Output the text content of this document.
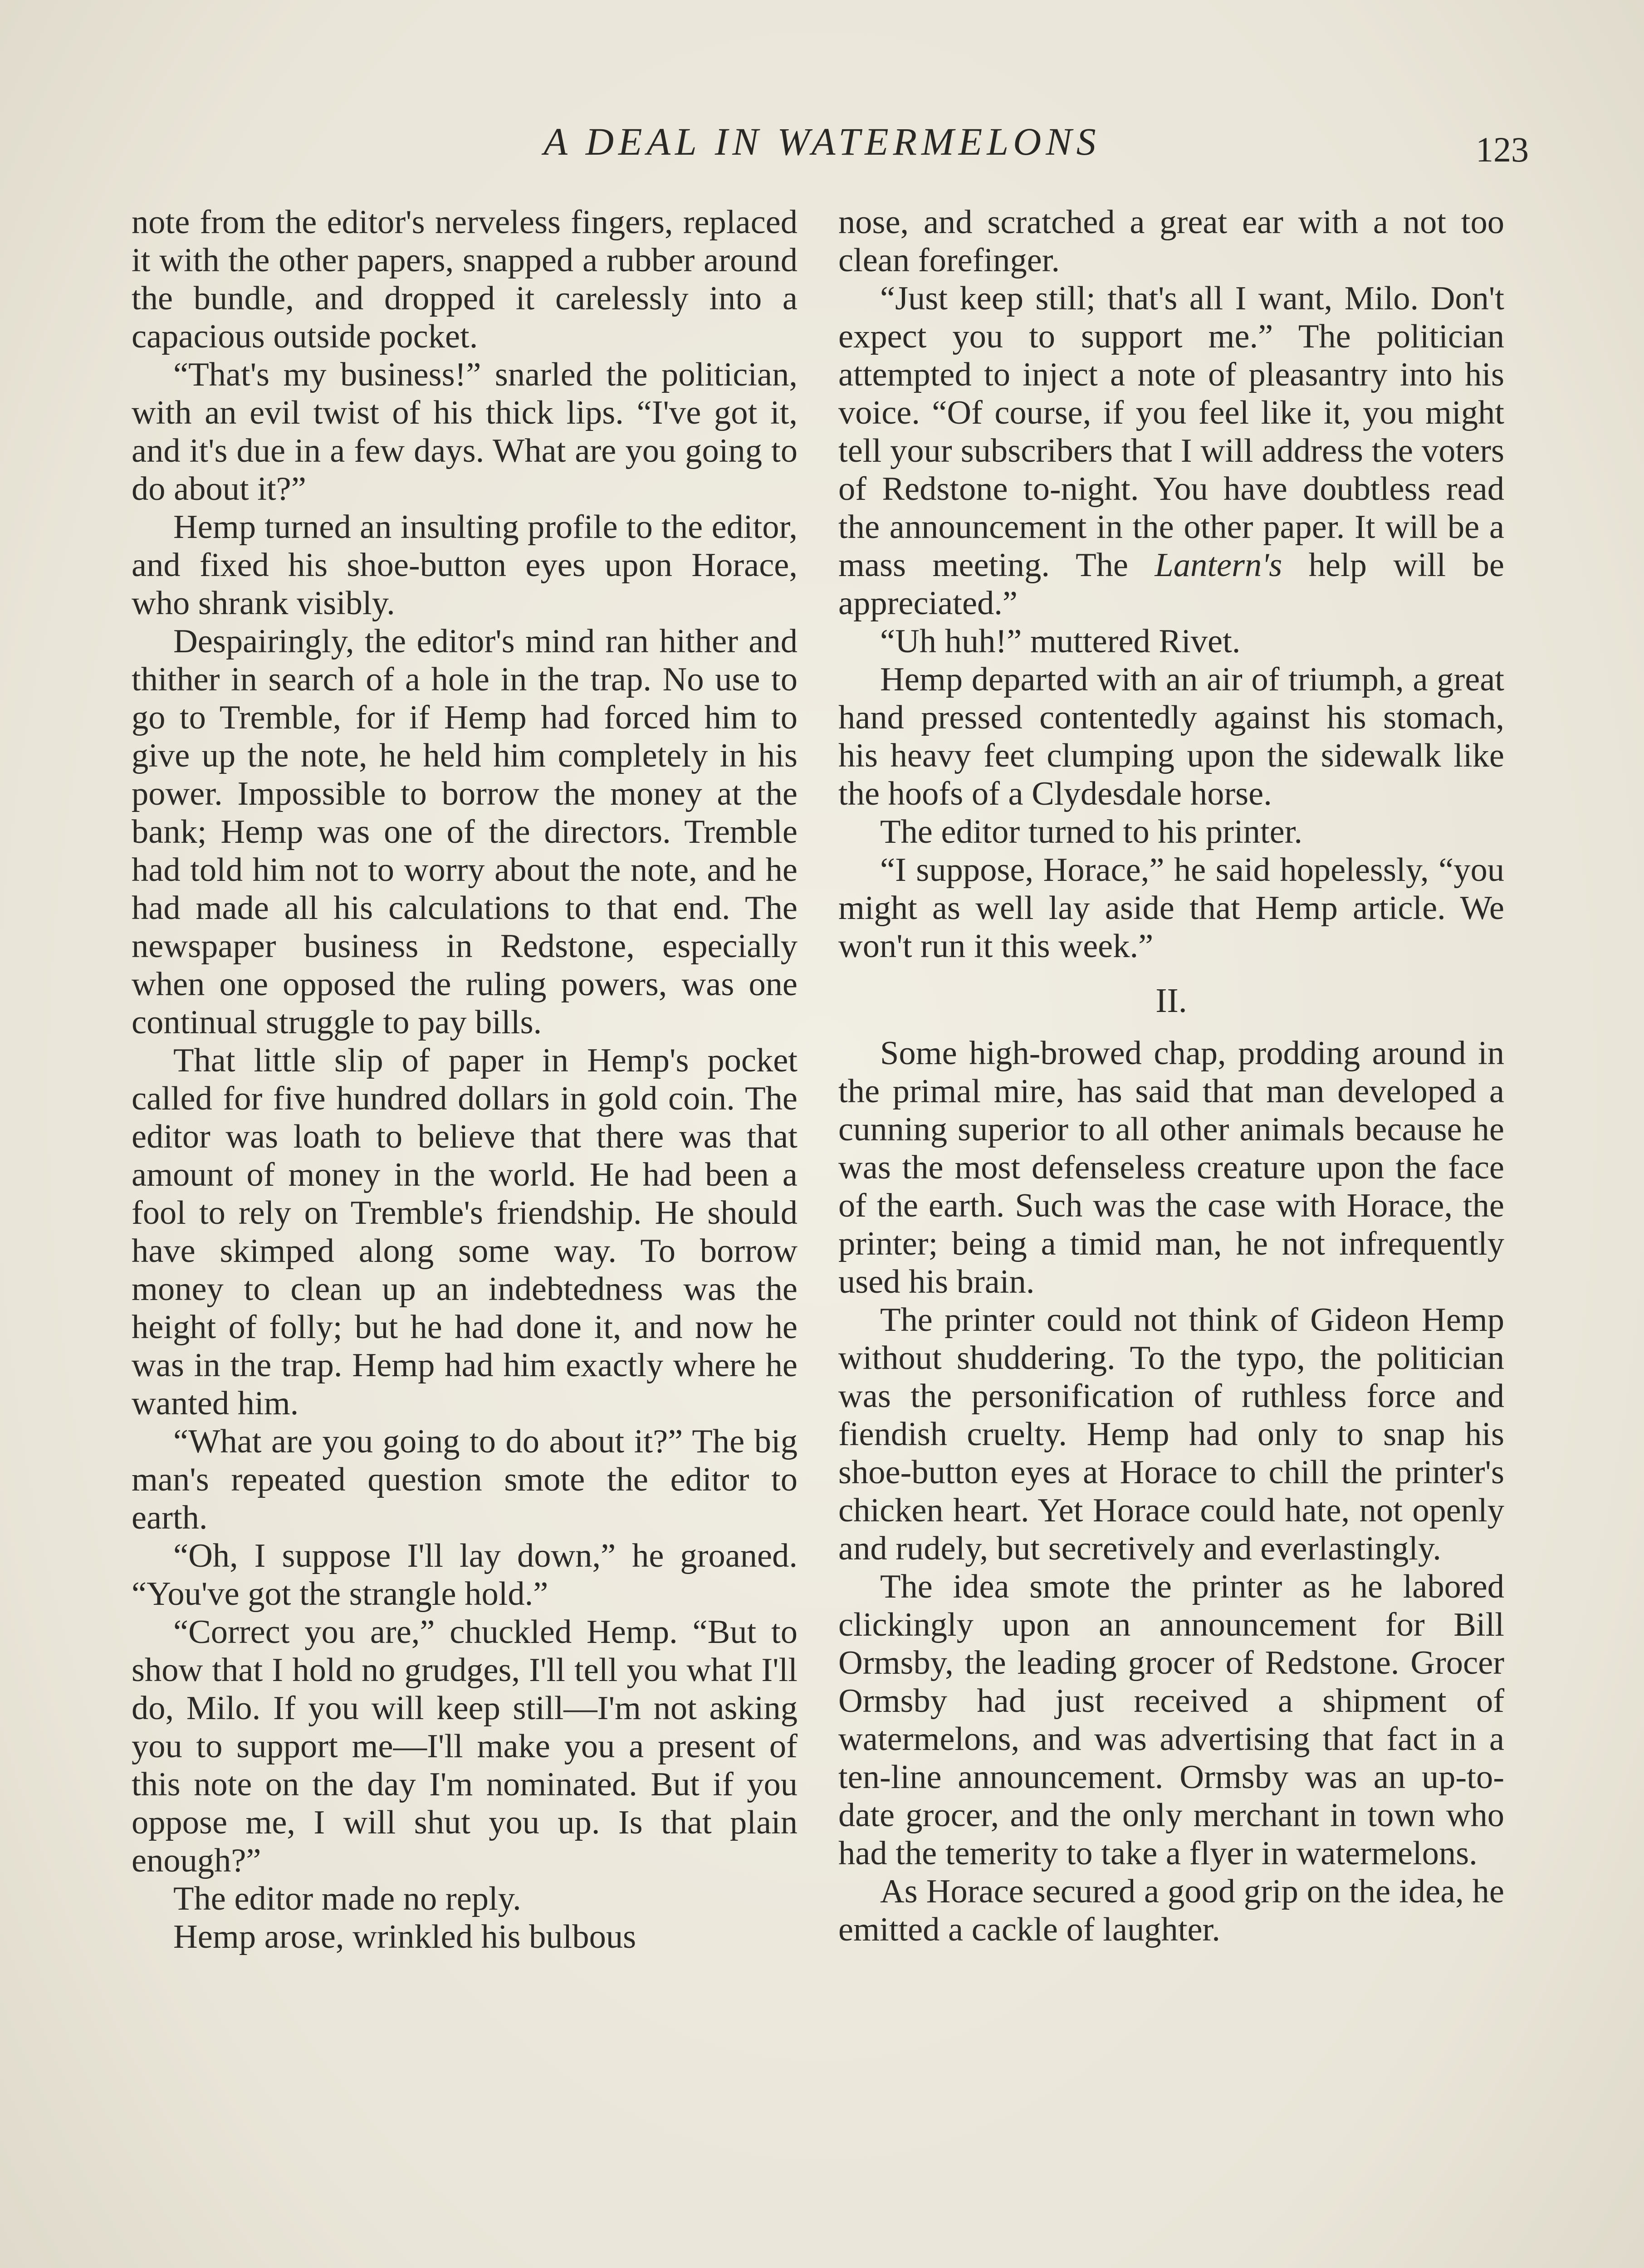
A DEAL IN WATERMELONS	123

note from the editor's nerveless fingers, replaced it with the other papers, snapped a rubber around the bundle, and dropped it carelessly into a capacious outside pocket.

“That's my business!” snarled the politician, with an evil twist of his thick lips. “I've got it, and it's due in a few days. What are you going to do about it?”

Hemp turned an insulting profile to the editor, and fixed his shoe-button eyes upon Horace, who shrank visibly.

Despairingly, the editor's mind ran hither and thither in search of a hole in the trap. No use to go to Tremble, for if Hemp had forced him to give up the note, he held him completely in his power. Impossible to borrow the money at the bank; Hemp was one of the directors. Tremble had told him not to worry about the note, and he had made all his calculations to that end. The newspaper business in Redstone, especially when one opposed the ruling powers, was one continual struggle to pay bills.

That little slip of paper in Hemp's pocket called for five hundred dollars in gold coin. The editor was loath to believe that there was that amount of money in the world. He had been a fool to rely on Tremble's friendship. He should have skimped along some way. To borrow money to clean up an indebtedness was the height of folly; but he had done it, and now he was in the trap. Hemp had him exactly where he wanted him.

“What are you going to do about it?” The big man's repeated question smote the editor to earth.

“Oh, I suppose I'll lay down,” he groaned. “You've got the strangle hold.”

“Correct you are,” chuckled Hemp. “But to show that I hold no grudges, I'll tell you what I'll do, Milo. If you will keep still—I'm not asking you to support me—I'll make you a present of this note on the day I'm nominated. But if you oppose me, I will shut you up. Is that plain enough?”

The editor made no reply.

Hemp arose, wrinkled his bulbous

nose, and scratched a great ear with a not too clean forefinger.

“Just keep still; that's all I want, Milo. Don't expect you to support me.” The politician attempted to inject a note of pleasantry into his voice. “Of course, if you feel like it, you might tell your subscribers that I will address the voters of Redstone to-night. You have doubtless read the announcement in the other paper. It will be a mass meeting. The Lantern's help will be appreciated.”

“Uh huh!” muttered Rivet.

Hemp departed with an air of triumph, a great hand pressed contentedly against his stomach, his heavy feet clumping upon the sidewalk like the hoofs of a Clydesdale horse.

The editor turned to his printer.

“I suppose, Horace,” he said hopelessly, “you might as well lay aside that Hemp article. We won't run it this week.”

II.

Some high-browed chap, prodding around in the primal mire, has said that man developed a cunning superior to all other animals because he was the most defenseless creature upon the face of the earth. Such was the case with Horace, the printer; being a timid man, he not infrequently used his brain.

The printer could not think of Gideon Hemp without shuddering. To the typo, the politician was the personification of ruthless force and fiendish cruelty. Hemp had only to snap his shoe-button eyes at Horace to chill the printer's chicken heart. Yet Horace could hate, not openly and rudely, but secretively and everlastingly.

The idea smote the printer as he labored clickingly upon an announcement for Bill Ormsby, the leading grocer of Redstone. Grocer Ormsby had just received a shipment of watermelons, and was advertising that fact in a ten-line announcement. Ormsby was an up-to-date grocer, and the only merchant in town who had the temerity to take a flyer in watermelons.

As Horace secured a good grip on the idea, he emitted a cackle of laughter.
